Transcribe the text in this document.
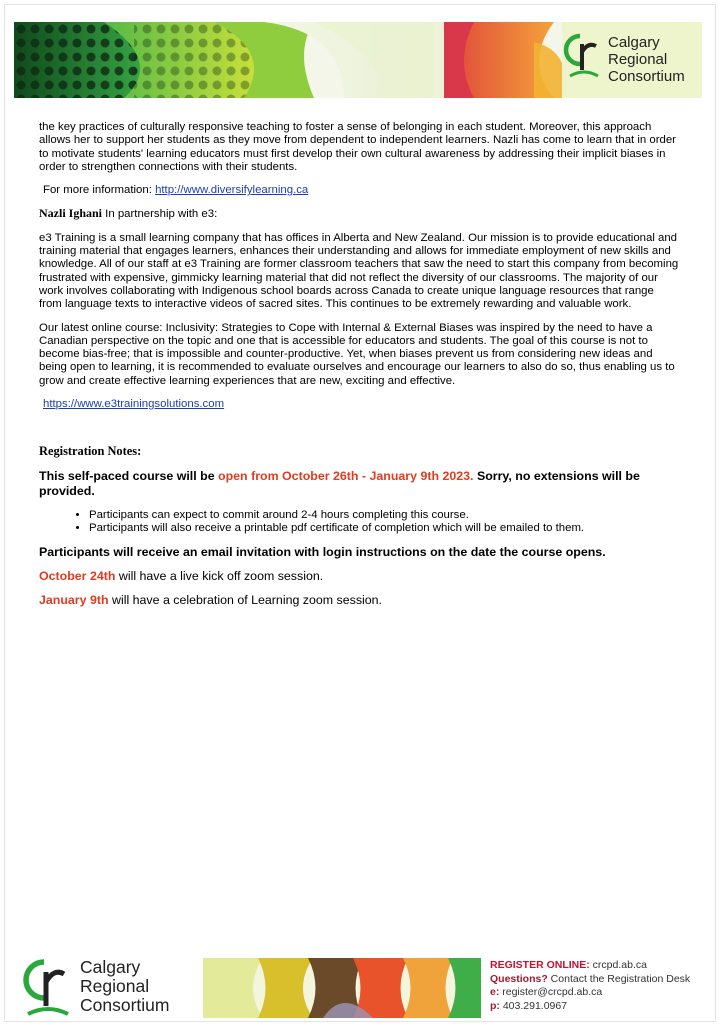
Calgary
Regional
Consortium

the key practices of culturally responsive teaching to foster a sense of belonging in each student. Moreover, this approach allows her to support her students as they move from dependent to independent learners. Nazli has come to learn that in order to motivate students' learning educators must first develop their own cultural awareness by addressing their implicit biases in order to strengthen connections with their students.

For more information: http://www.diversifylearning.ca

Nazli Ighani In partnership with e3:

e3 Training is a small learning company that has offices in Alberta and New Zealand. Our mission is to provide educational and training material that engages learners, enhances their understanding and allows for immediate employment of new skills and knowledge. All of our staff at e3 Training are former classroom teachers that saw the need to start this company from becoming frustrated with expensive, gimmicky learning material that did not reflect the diversity of our classrooms. The majority of our work involves collaborating with Indigenous school boards across Canada to create unique language resources that range from language texts to interactive videos of sacred sites. This continues to be extremely rewarding and valuable work.

Our latest online course: Inclusivity: Strategies to Cope with Internal & External Biases was inspired by the need to have a Canadian perspective on the topic and one that is accessible for educators and students. The goal of this course is not to become bias-free; that is impossible and counter-productive. Yet, when biases prevent us from considering new ideas and being open to learning, it is recommended to evaluate ourselves and encourage our learners to also do so, thus enabling us to grow and create effective learning experiences that are new, exciting and effective.

https://www.e3trainingsolutions.com

Registration Notes:

This self-paced course will be open from October 26th - January 9th 2023. Sorry, no extensions will be provided.

• Participants can expect to commit around 2-4 hours completing this course.
• Participants will also receive a printable pdf certificate of completion which will be emailed to them.

Participants will receive an email invitation with login instructions on the date the course opens.

October 24th will have a live kick off zoom session.

January 9th will have a celebration of Learning zoom session.

Calgary
Regional
Consortium
REGISTER ONLINE: crcpd.ab.ca
Questions? Contact the Registration Desk
e: register@crcpd.ab.ca
p: 403.291.0967
